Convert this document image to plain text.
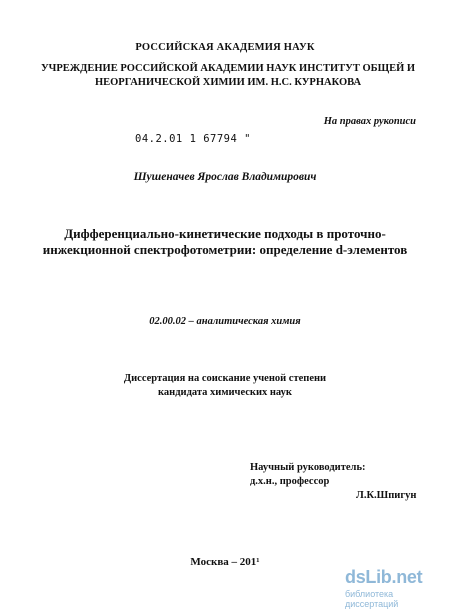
РОССИЙСКАЯ АКАДЕМИЯ НАУК
УЧРЕЖДЕНИЕ РОССИЙСКОЙ АКАДЕМИИ НАУК ИНСТИТУТ ОБЩЕЙ И НЕОРГАНИЧЕСКОЙ ХИМИИ ИМ. Н.С. КУРНАКОВА
На правах рукописи
04.2.01 1 67794 "
Шушеначев Ярослав Владимирович
Дифференциально-кинетические подходы в проточно-инжекционной спектрофотометрии: определение d-элементов
02.00.02 – аналитическая химия
Диссертация на соискание ученой степени
кандидата химических наук
Научный руководитель:
д.х.н., профессор
Л.К.Шпигун
Москва – 201¹
dsLib.net
библиотека диссертаций
